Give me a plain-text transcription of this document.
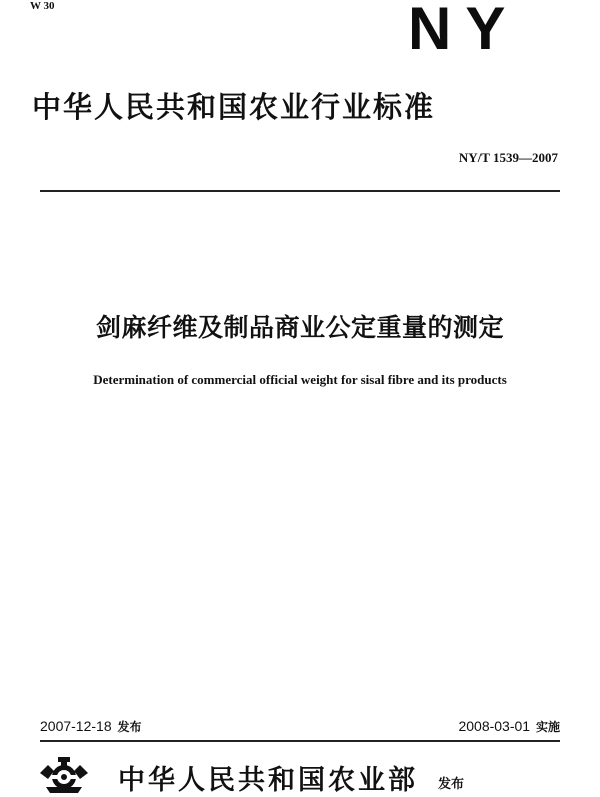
W 30	NY
中华人民共和国农业行业标准
NY/T 1539—2007
剑麻纤维及制品商业公定重量的测定
Determination of commercial official weight for sisal fibre and its products
2007-12-18 发布	2008-03-01 实施
中华人民共和国农业部 发布
